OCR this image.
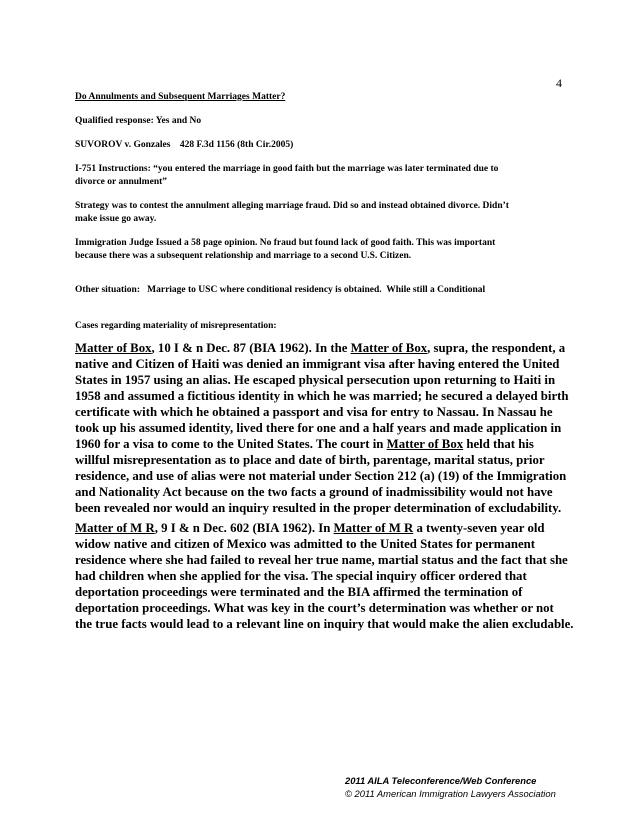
4
Do Annulments and Subsequent Marriages Matter?
Qualified response: Yes and No
SUVOROV v. Gonzales    428 F.3d 1156 (8th Cir.2005)
I-751 Instructions: “you entered the marriage in good faith but the marriage was later terminated due to
divorce or annulment”
Strategy was to contest the annulment alleging marriage fraud. Did so and instead obtained divorce. Didn’t
make issue go away.
Immigration Judge Issued a 58 page opinion. No fraud but found lack of good faith. This was important
because there was a subsequent relationship and marriage to a second U.S. Citizen.
Other situation:   Marriage to USC where conditional residency is obtained.  While still a Conditional
Cases regarding materiality of misrepresentation:
Matter of Box, 10 I & n Dec. 87 (BIA 1962). In the Matter of Box, supra, the respondent, a
native and Citizen of Haiti was denied an immigrant visa after having entered the United
States in 1957 using an alias. He escaped physical persecution upon returning to Haiti in
1958 and assumed a fictitious identity in which he was married; he secured a delayed birth
certificate with which he obtained a passport and visa for entry to Nassau. In Nassau he
took up his assumed identity, lived there for one and a half years and made application in
1960 for a visa to come to the United States. The court in Matter of Box held that his
willful misrepresentation as to place and date of birth, parentage, marital status, prior
residence, and use of alias were not material under Section 212 (a) (19) of the Immigration
and Nationality Act because on the two facts a ground of inadmissibility would not have
been revealed nor would an inquiry resulted in the proper determination of excludability.
Matter of M R, 9 I & n Dec. 602 (BIA 1962). In Matter of M R a twenty-seven year old
widow native and citizen of Mexico was admitted to the United States for permanent
residence where she had failed to reveal her true name, martial status and the fact that she
had children when she applied for the visa. The special inquiry officer ordered that
deportation proceedings were terminated and the BIA affirmed the termination of
deportation proceedings. What was key in the court’s determination was whether or not
the true facts would lead to a relevant line on inquiry that would make the alien excludable.
2011 AILA Teleconference/Web Conference
© 2011 American Immigration Lawyers Association
